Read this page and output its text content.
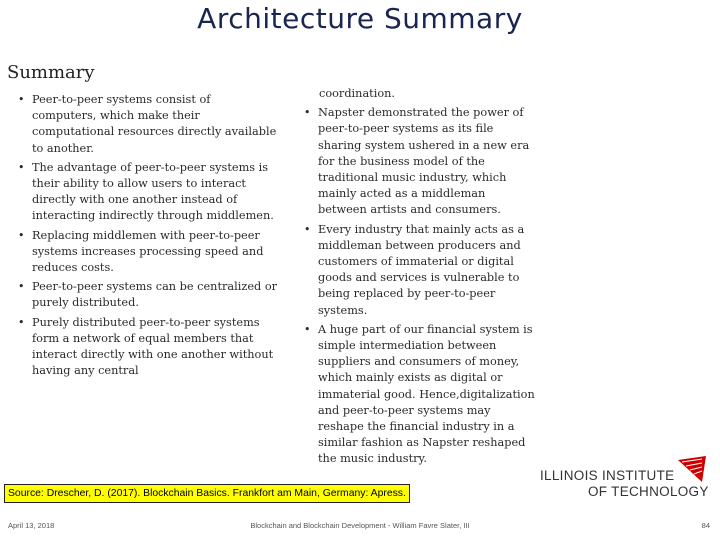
Architecture Summary
Summary
• Peer-to-peer systems consist of computers, which make their computational resources directly available to another.
• The advantage of peer-to-peer systems is their ability to allow users to interact directly with one another instead of interacting indirectly through middlemen.
• Replacing middlemen with peer-to-peer systems increases processing speed and reduces costs.
• Peer-to-peer systems can be centralized or purely distributed.
• Purely distributed peer-to-peer systems form a network of equal members that interact directly with one another without having any central
coordination.
• Napster demonstrated the power of peer-to-peer systems as its file sharing system ushered in a new era for the business model of the traditional music industry, which mainly acted as a middleman between artists and consumers.
• Every industry that mainly acts as a middleman between producers and customers of immaterial or digital goods and services is vulnerable to being replaced by peer-to-peer systems.
• A huge part of our financial system is simple intermediation between suppliers and consumers of money, which mainly exists as digital or immaterial good. Hence,digitalization and peer-to-peer systems may reshape the financial industry in a similar fashion as Napster reshaped the music industry.
Source: Drescher, D. (2017). Blockchain Basics. Frankfort am Main, Germany: Apress.
ILLINOIS INSTITUTE
OF TECHNOLOGY
April 13, 2018	Blockchain and Blockchain Development - William Favre Slater, III	84
